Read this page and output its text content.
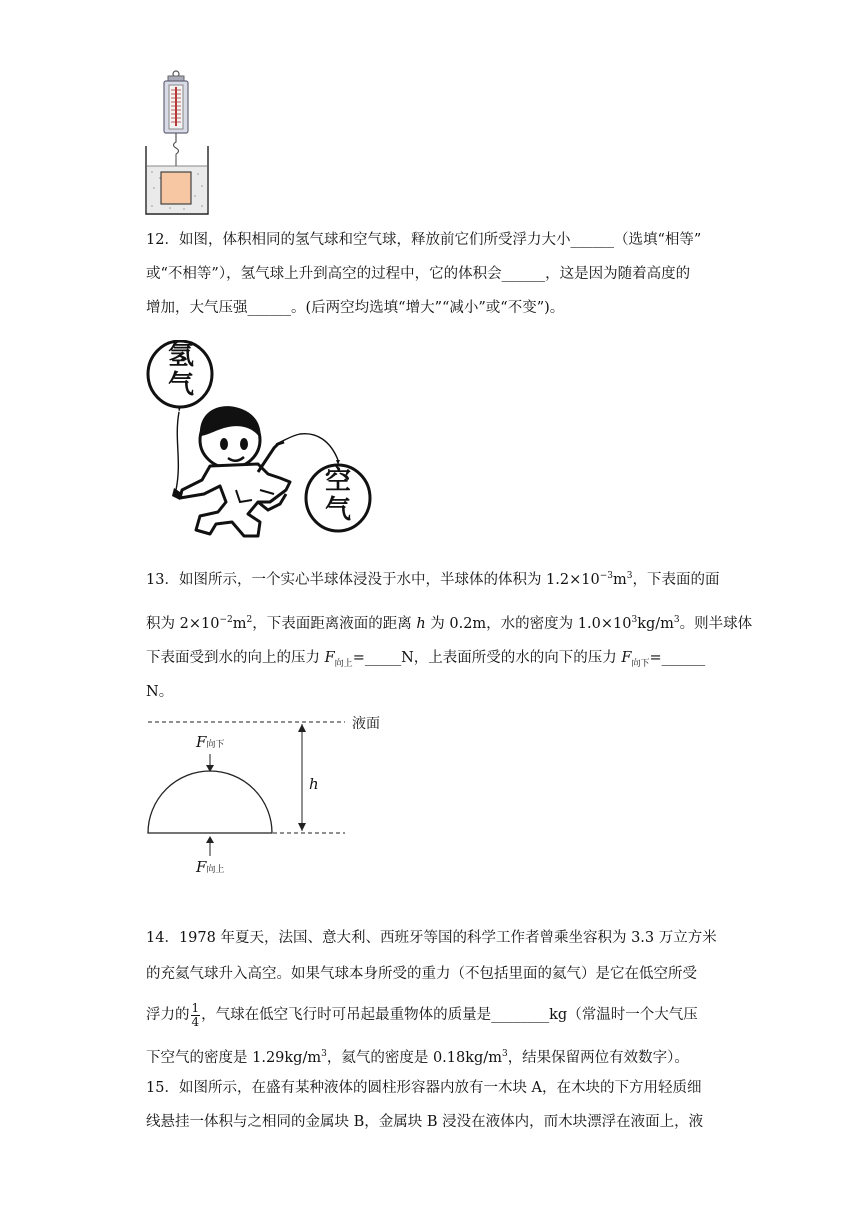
12．如图，体积相同的氢气球和空气球，释放前它们所受浮力大小______（选填“相等”
或“不相等”），氢气球上升到高空的过程中，它的体积会______，这是因为随着高度的
增加，大气压强______。(后两空均选填“增大”“减小”或“不变”)。
氢
气
空
气
13．如图所示，一个实心半球体浸没于水中，半球体的体积为 $1.2\times 10^{-3}m^3$，下表面的面
积为 $2\times 10^{-2}m^2$，下表面距离液面的距离 h 为 0.2m，水的密度为 $1.0\times 10^3kg/m^3$。则半球体
下表面受到水的向上的压力 $F_{向上}=\_\_\_\_\_N$，上表面所受的水的向下的压力 $F_{向下}=\_\_\_\_\_\_$
N。
液面
F向下
F向上
h
14．1978 年夏天，法国、意大利、西班牙等国的科学工作者曾乘坐容积为 3.3 万立方米
的充氦气球升入高空。如果气球本身所受的重力（不包括里面的氦气）是它在低空所受
浮力的 $\frac{1}{4}$ ，气球在低空飞行时可吊起最重物体的质量是________kg（常温时一个大气压
下空气的密度是 $1.29kg/m^3$，氦气的密度是 $0.18kg/m^3$，结果保留两位有效数字）。
15．如图所示，在盛有某种液体的圆柱形容器内放有一木块 A，在木块的下方用轻质细
线悬挂一体积与之相同的金属块 B，金属块 B 浸没在液体内，而木块漂浮在液面上，液
